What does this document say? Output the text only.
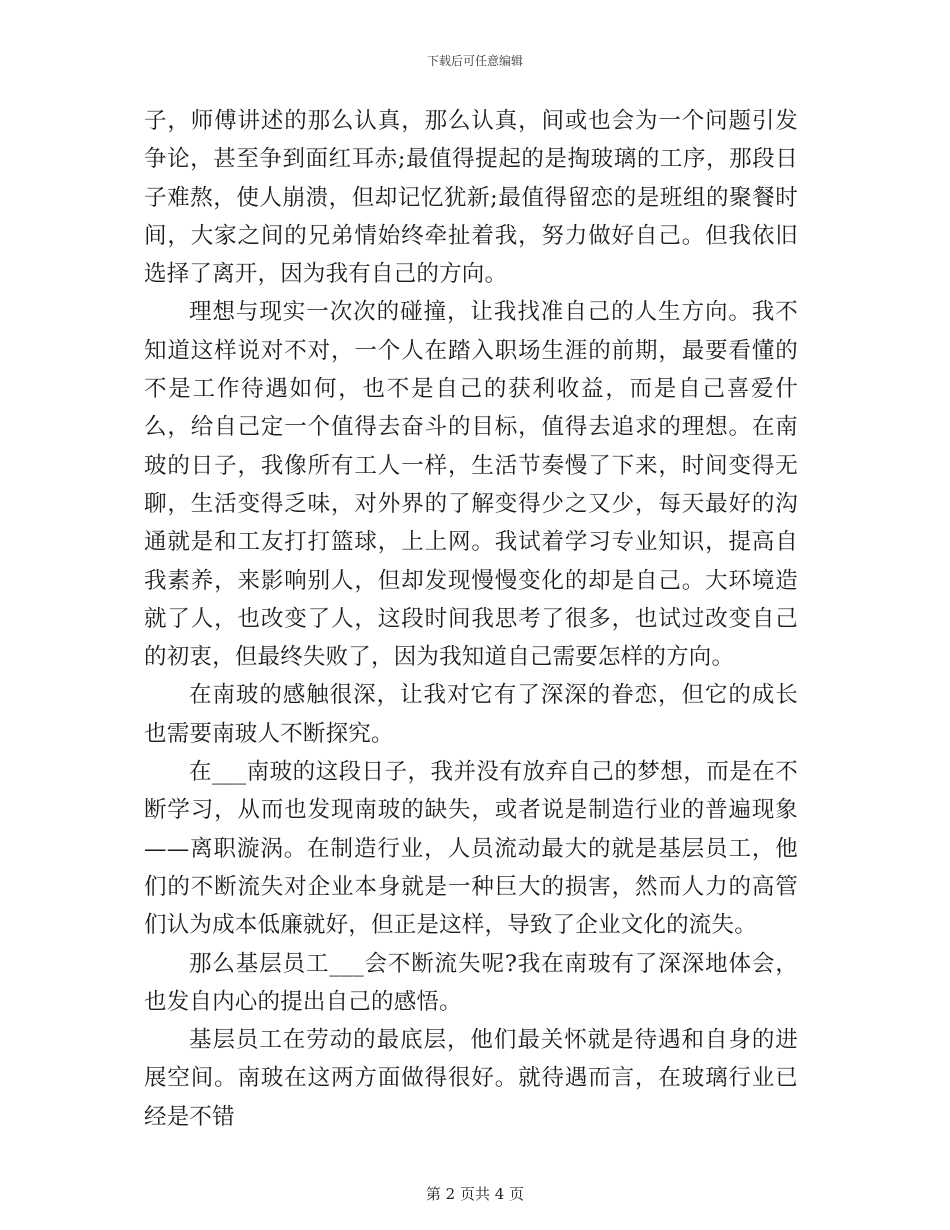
下载后可任意编辑

子，师傅讲述的那么认真，那么认真，间或也会为一个问题引发争论，甚至争到面红耳赤;最值得提起的是掏玻璃的工序，那段日子难熬，使人崩溃，但却记忆犹新;最值得留恋的是班组的聚餐时间，大家之间的兄弟情始终牵扯着我，努力做好自己。但我依旧选择了离开，因为我有自己的方向。

理想与现实一次次的碰撞，让我找准自己的人生方向。我不知道这样说对不对，一个人在踏入职场生涯的前期，最要看懂的不是工作待遇如何，也不是自己的获利收益，而是自己喜爱什么，给自己定一个值得去奋斗的目标，值得去追求的理想。在南玻的日子，我像所有工人一样，生活节奏慢了下来，时间变得无聊，生活变得乏味，对外界的了解变得少之又少，每天最好的沟通就是和工友打打篮球，上上网。我试着学习专业知识，提高自我素养，来影响别人，但却发现慢慢变化的却是自己。大环境造就了人，也改变了人，这段时间我思考了很多，也试过改变自己的初衷，但最终失败了，因为我知道自己需要怎样的方向。

在南玻的感触很深，让我对它有了深深的眷恋，但它的成长也需要南玻人不断探究。

在___南玻的这段日子，我并没有放弃自己的梦想，而是在不断学习，从而也发现南玻的缺失，或者说是制造行业的普遍现象——离职漩涡。在制造行业，人员流动最大的就是基层员工，他们的不断流失对企业本身就是一种巨大的损害，然而人力的高管们认为成本低廉就好，但正是这样，导致了企业文化的流失。

那么基层员工___会不断流失呢?我在南玻有了深深地体会，也发自内心的提出自己的感悟。

基层员工在劳动的最底层，他们最关怀就是待遇和自身的进展空间。南玻在这两方面做得很好。就待遇而言，在玻璃行业已经是不错

第 2 页共 4 页
